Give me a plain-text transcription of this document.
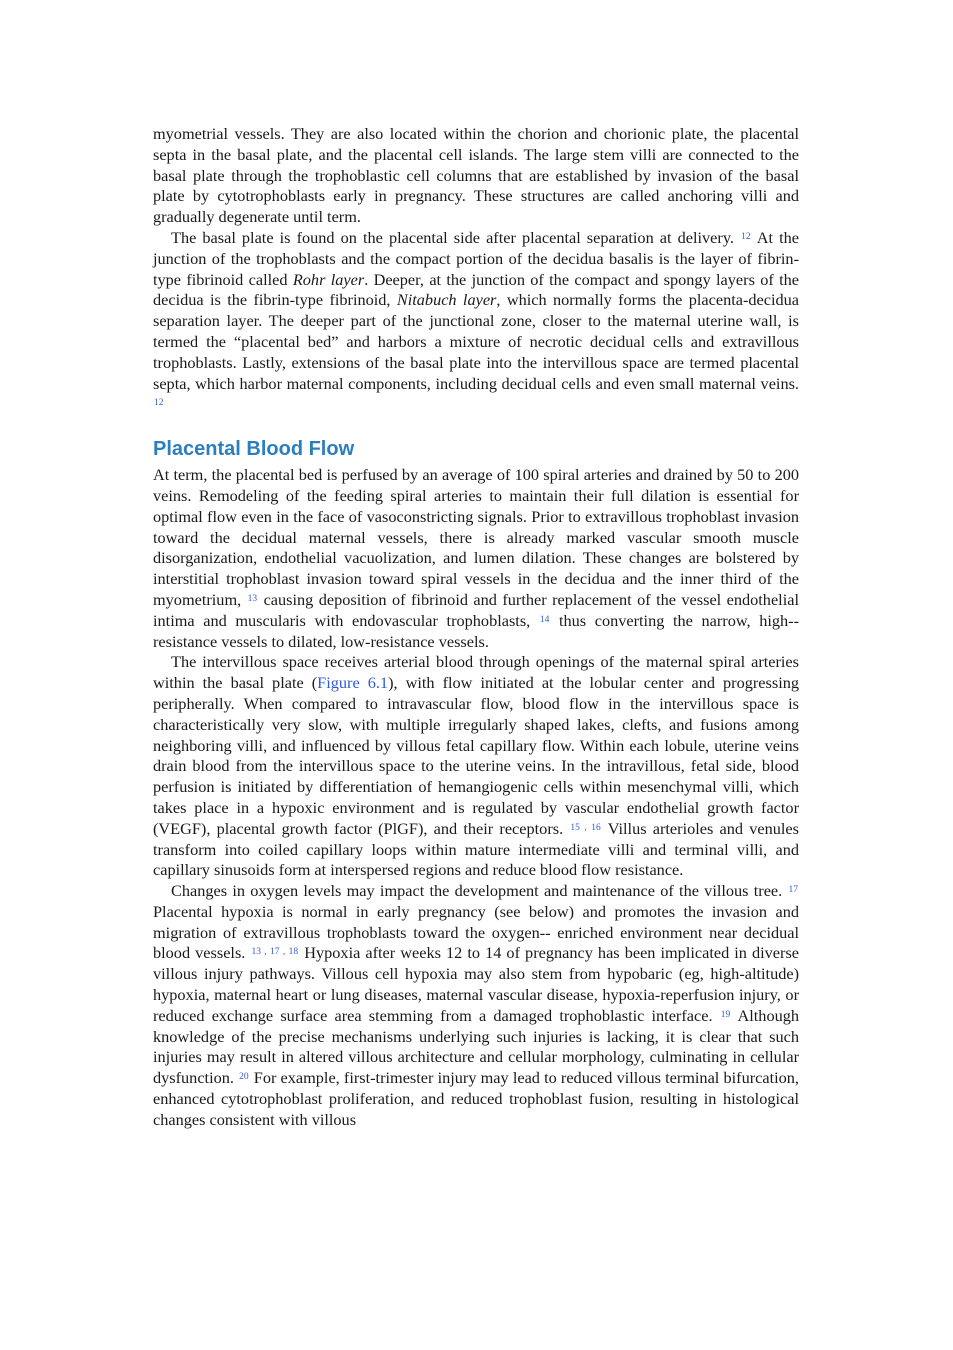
myometrial vessels. They are also located within the chorion and chorionic plate, the placental septa in the basal plate, and the placental cell islands. The large stem villi are connected to the basal plate through the trophoblastic cell columns that are established by invasion of the basal plate by cytotrophoblasts early in pregnancy. These structures are called anchoring villi and gradually degenerate until term.

The basal plate is found on the placental side after placental separation at delivery. $^{12}$ At the junction of the trophoblasts and the compact portion of the decidua basalis is the layer of fibrin-type fibrinoid called Rohr layer. Deeper, at the junction of the compact and spongy layers of the decidua is the fibrin-type fibrinoid, Nitabuch layer, which normally forms the placenta-decidua separation layer. The deeper part of the junctional zone, closer to the maternal uterine wall, is termed the “placental bed” and harbors a mixture of necrotic decidual cells and extravillous trophoblasts. Lastly, extensions of the basal plate into the intervillous space are termed placental septa, which harbor maternal components, including decidual cells and even small maternal veins. $^{12}$

Placental Blood Flow

At term, the placental bed is perfused by an average of 100 spiral arteries and drained by 50 to 200 veins. Remodeling of the feeding spiral arteries to maintain their full dilation is essential for optimal flow even in the face of vasoconstricting signals. Prior to extravillous trophoblast invasion toward the decidual maternal vessels, there is already marked vascular smooth muscle disorganization, endothelial vacuolization, and lumen dilation. These changes are bolstered by interstitial trophoblast invasion toward spiral vessels in the decidua and the inner third of the myometrium, $^{13}$ causing deposition of fibrinoid and further replacement of the vessel endothelial intima and muscularis with endovascular trophoblasts, $^{14}$ thus converting the narrow, high-- resistance vessels to dilated, low-resistance vessels.

The intervillous space receives arterial blood through openings of the maternal spiral arteries within the basal plate (Figure 6.1), with flow initiated at the lobular center and progressing peripherally. When compared to intravascular flow, blood flow in the intervillous space is characteristically very slow, with multiple irregularly shaped lakes, clefts, and fusions among neighboring villi, and influenced by villous fetal capillary flow. Within each lobule, uterine veins drain blood from the intervillous space to the uterine veins. In the intravillous, fetal side, blood perfusion is initiated by differentiation of hemangiogenic cells within mesenchymal villi, which takes place in a hypoxic environment and is regulated by vascular endothelial growth factor (VEGF), placental growth factor (PlGF), and their receptors. $^{15 , 16}$ Villus arterioles and venules transform into coiled capillary loops within mature intermediate villi and terminal villi, and capillary sinusoids form at interspersed regions and reduce blood flow resistance.

Changes in oxygen levels may impact the development and maintenance of the villous tree. $^{17}$ Placental hypoxia is normal in early pregnancy (see below) and promotes the invasion and migration of extravillous trophoblasts toward the oxygen-- enriched environment near decidual blood vessels. $^{13 , 17 , 18}$ Hypoxia after weeks 12 to 14 of pregnancy has been implicated in diverse villous injury pathways. Villous cell hypoxia may also stem from hypobaric (eg, high-altitude) hypoxia, maternal heart or lung diseases, maternal vascular disease, hypoxia-reperfusion injury, or reduced exchange surface area stemming from a damaged trophoblastic interface. $^{19}$ Although knowledge of the precise mechanisms underlying such injuries is lacking, it is clear that such injuries may result in altered villous architecture and cellular morphology, culminating in cellular dysfunction. $^{20}$ For example, first-trimester injury may lead to reduced villous terminal bifurcation, enhanced cytotrophoblast proliferation, and reduced trophoblast fusion, resulting in histological changes consistent with villous
